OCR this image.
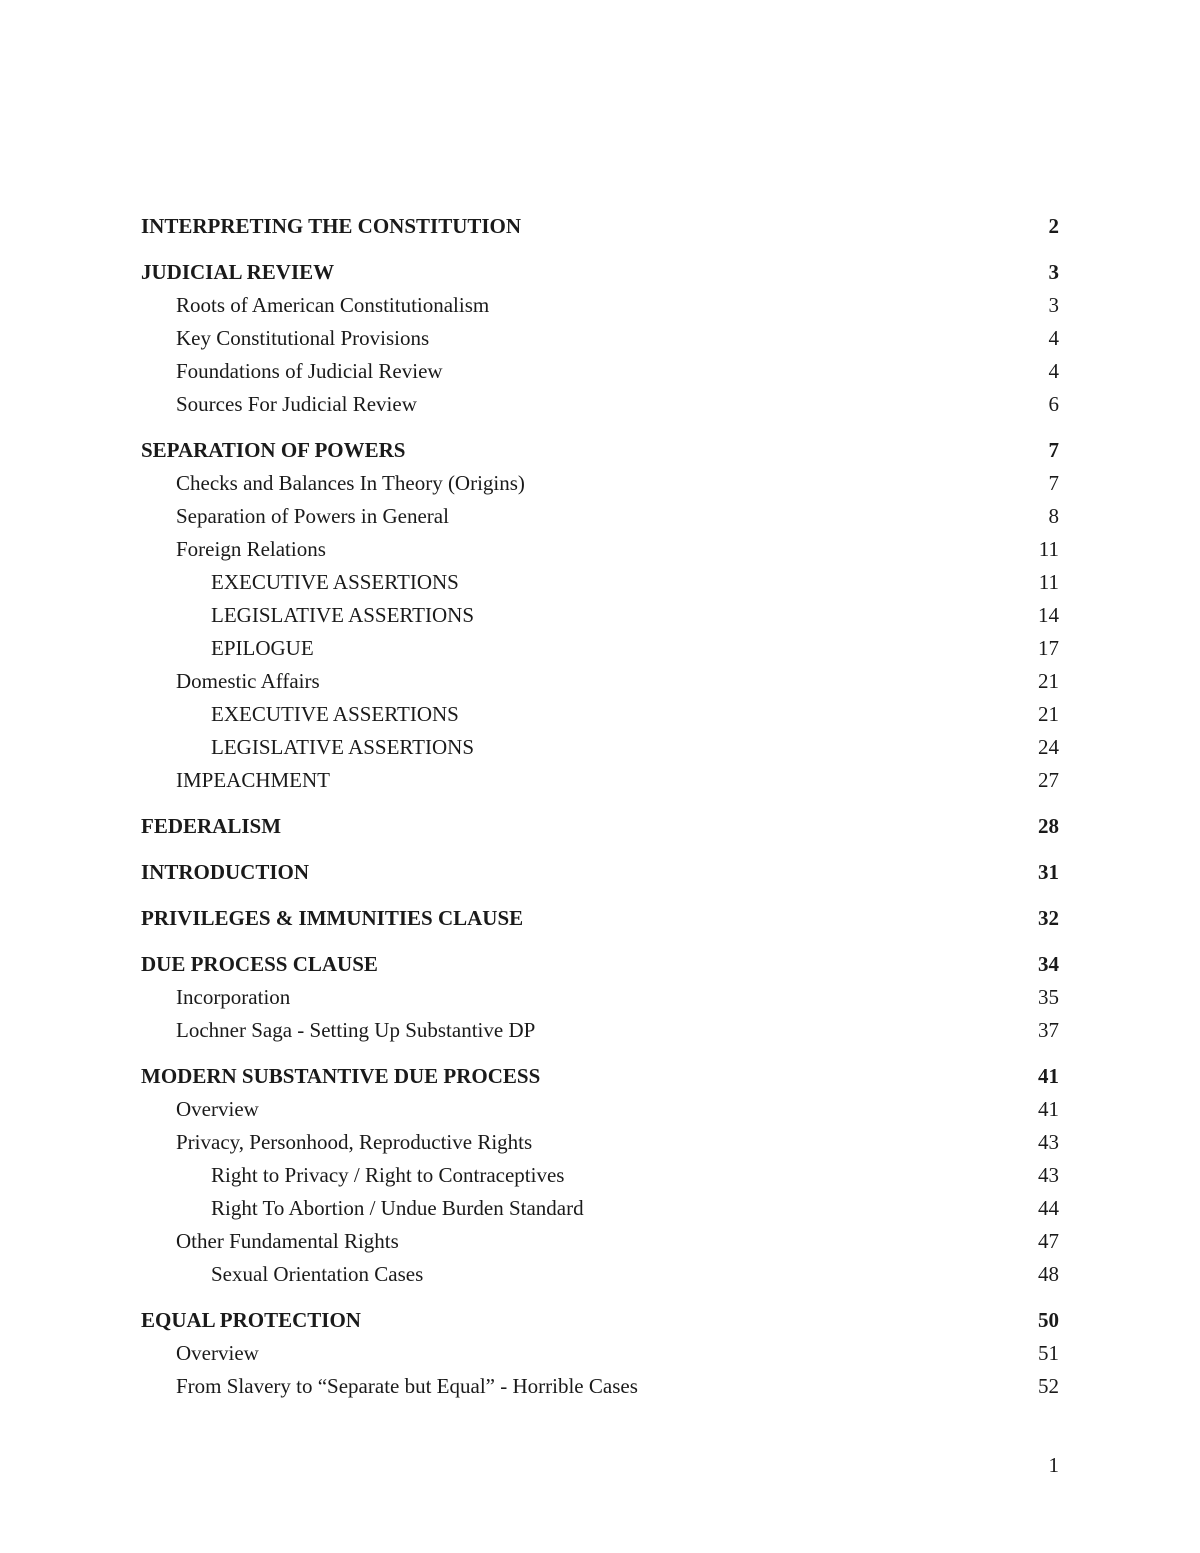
INTERPRETING THE CONSTITUTION	2
JUDICIAL REVIEW	3
Roots of American Constitutionalism	3
Key Constitutional Provisions	4
Foundations of Judicial Review	4
Sources For Judicial Review	6
SEPARATION OF POWERS	7
Checks and Balances In Theory (Origins)	7
Separation of Powers in General	8
Foreign Relations	11
EXECUTIVE ASSERTIONS	11
LEGISLATIVE ASSERTIONS	14
EPILOGUE	17
Domestic Affairs	21
EXECUTIVE ASSERTIONS	21
LEGISLATIVE ASSERTIONS	24
IMPEACHMENT	27
FEDERALISM	28
INTRODUCTION	31
PRIVILEGES & IMMUNITIES CLAUSE	32
DUE PROCESS CLAUSE	34
Incorporation	35
Lochner Saga - Setting Up Substantive DP	37
MODERN SUBSTANTIVE DUE PROCESS	41
Overview	41
Privacy, Personhood, Reproductive Rights	43
Right to Privacy / Right to Contraceptives	43
Right To Abortion / Undue Burden Standard	44
Other Fundamental Rights	47
Sexual Orientation Cases	48
EQUAL PROTECTION	50
Overview	51
From Slavery to “Separate but Equal” - Horrible Cases	52
1
